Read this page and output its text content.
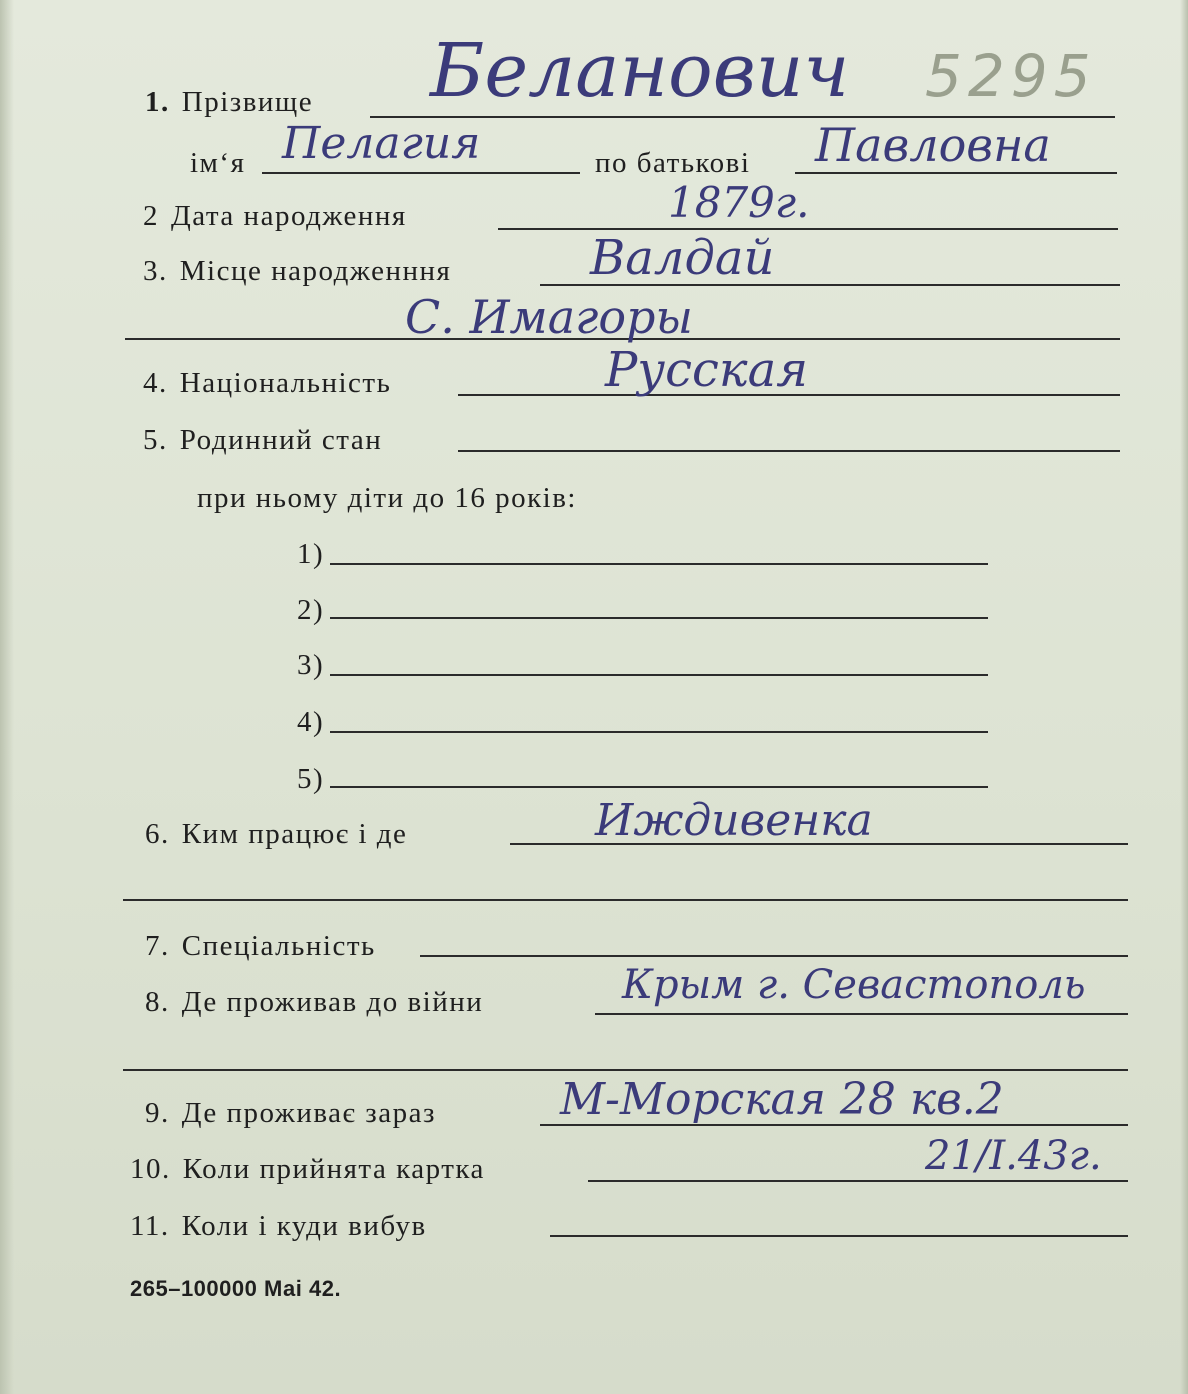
5295
1. Прізвище Беланович
ім‘я Пелагия	по батькові Павловна
2 Дата народження	1879г.
3. Місце народженння	Валдай
С. Имагоры
4. Національність	Русская
5. Родинний стан
при ньому діти до 16 років:
1)
2)
3)
4)
5)
6. Ким працює і де	Иждивенка
7. Спеціальність
8. Де проживав до війни	Крым г. Севастополь
9. Де проживає зараз	М-Морская 28 кв.2
10. Коли прийнята картка	21/I.43г.
11. Коли і куди вибув
265–100000 Маі 42.
